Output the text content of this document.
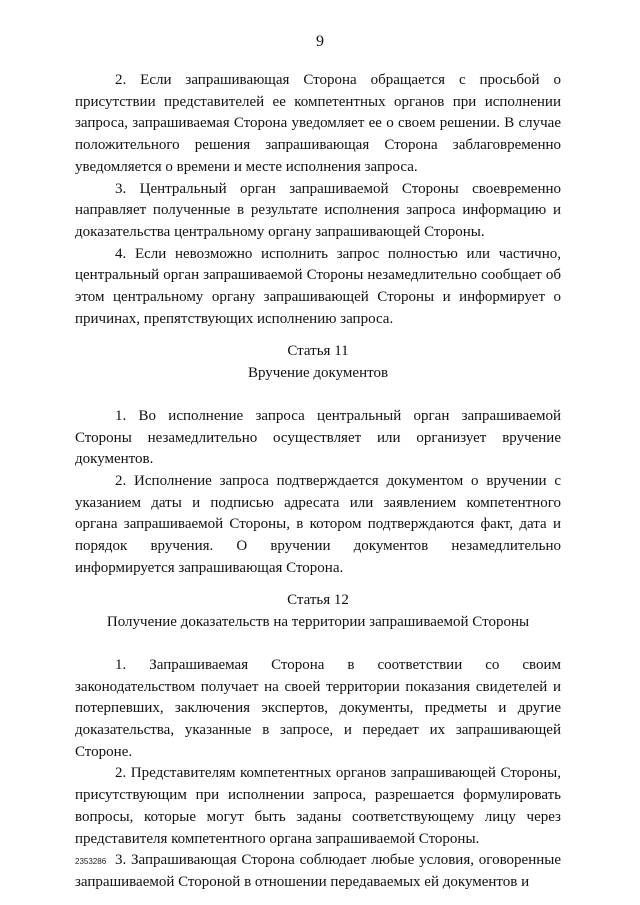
9

2. Если запрашивающая Сторона обращается с просьбой о присутствии представителей ее компетентных органов при исполнении запроса, запрашиваемая Сторона уведомляет ее о своем решении. В случае положительного решения запрашивающая Сторона заблаговременно уведомляется о времени и месте исполнения запроса.

3. Центральный орган запрашиваемой Стороны своевременно направляет полученные в результате исполнения запроса информацию и доказательства центральному органу запрашивающей Стороны.

4. Если невозможно исполнить запрос полностью или частично, центральный орган запрашиваемой Стороны незамедлительно сообщает об этом центральному органу запрашивающей Стороны и информирует о причинах, препятствующих исполнению запроса.

Статья 11

Вручение документов

1. Во исполнение запроса центральный орган запрашиваемой Стороны незамедлительно осуществляет или организует вручение документов.

2. Исполнение запроса подтверждается документом о вручении с указанием даты и подписью адресата или заявлением компетентного органа запрашиваемой Стороны, в котором подтверждаются факт, дата и порядок вручения. О вручении документов незамедлительно информируется запрашивающая Сторона.

Статья 12

Получение доказательств на территории запрашиваемой Стороны

1. Запрашиваемая Сторона в соответствии со своим законодательством получает на своей территории показания свидетелей и потерпевших, заключения экспертов, документы, предметы и другие доказательства, указанные в запросе, и передает их запрашивающей Стороне.

2. Представителям компетентных органов запрашивающей Стороны, присутствующим при исполнении запроса, разрешается формулировать вопросы, которые могут быть заданы соответствующему лицу через представителя компетентного органа запрашиваемой Стороны.

3. Запрашивающая Сторона соблюдает любые условия, оговоренные запрашиваемой Стороной в отношении передаваемых ей документов и

2353286
